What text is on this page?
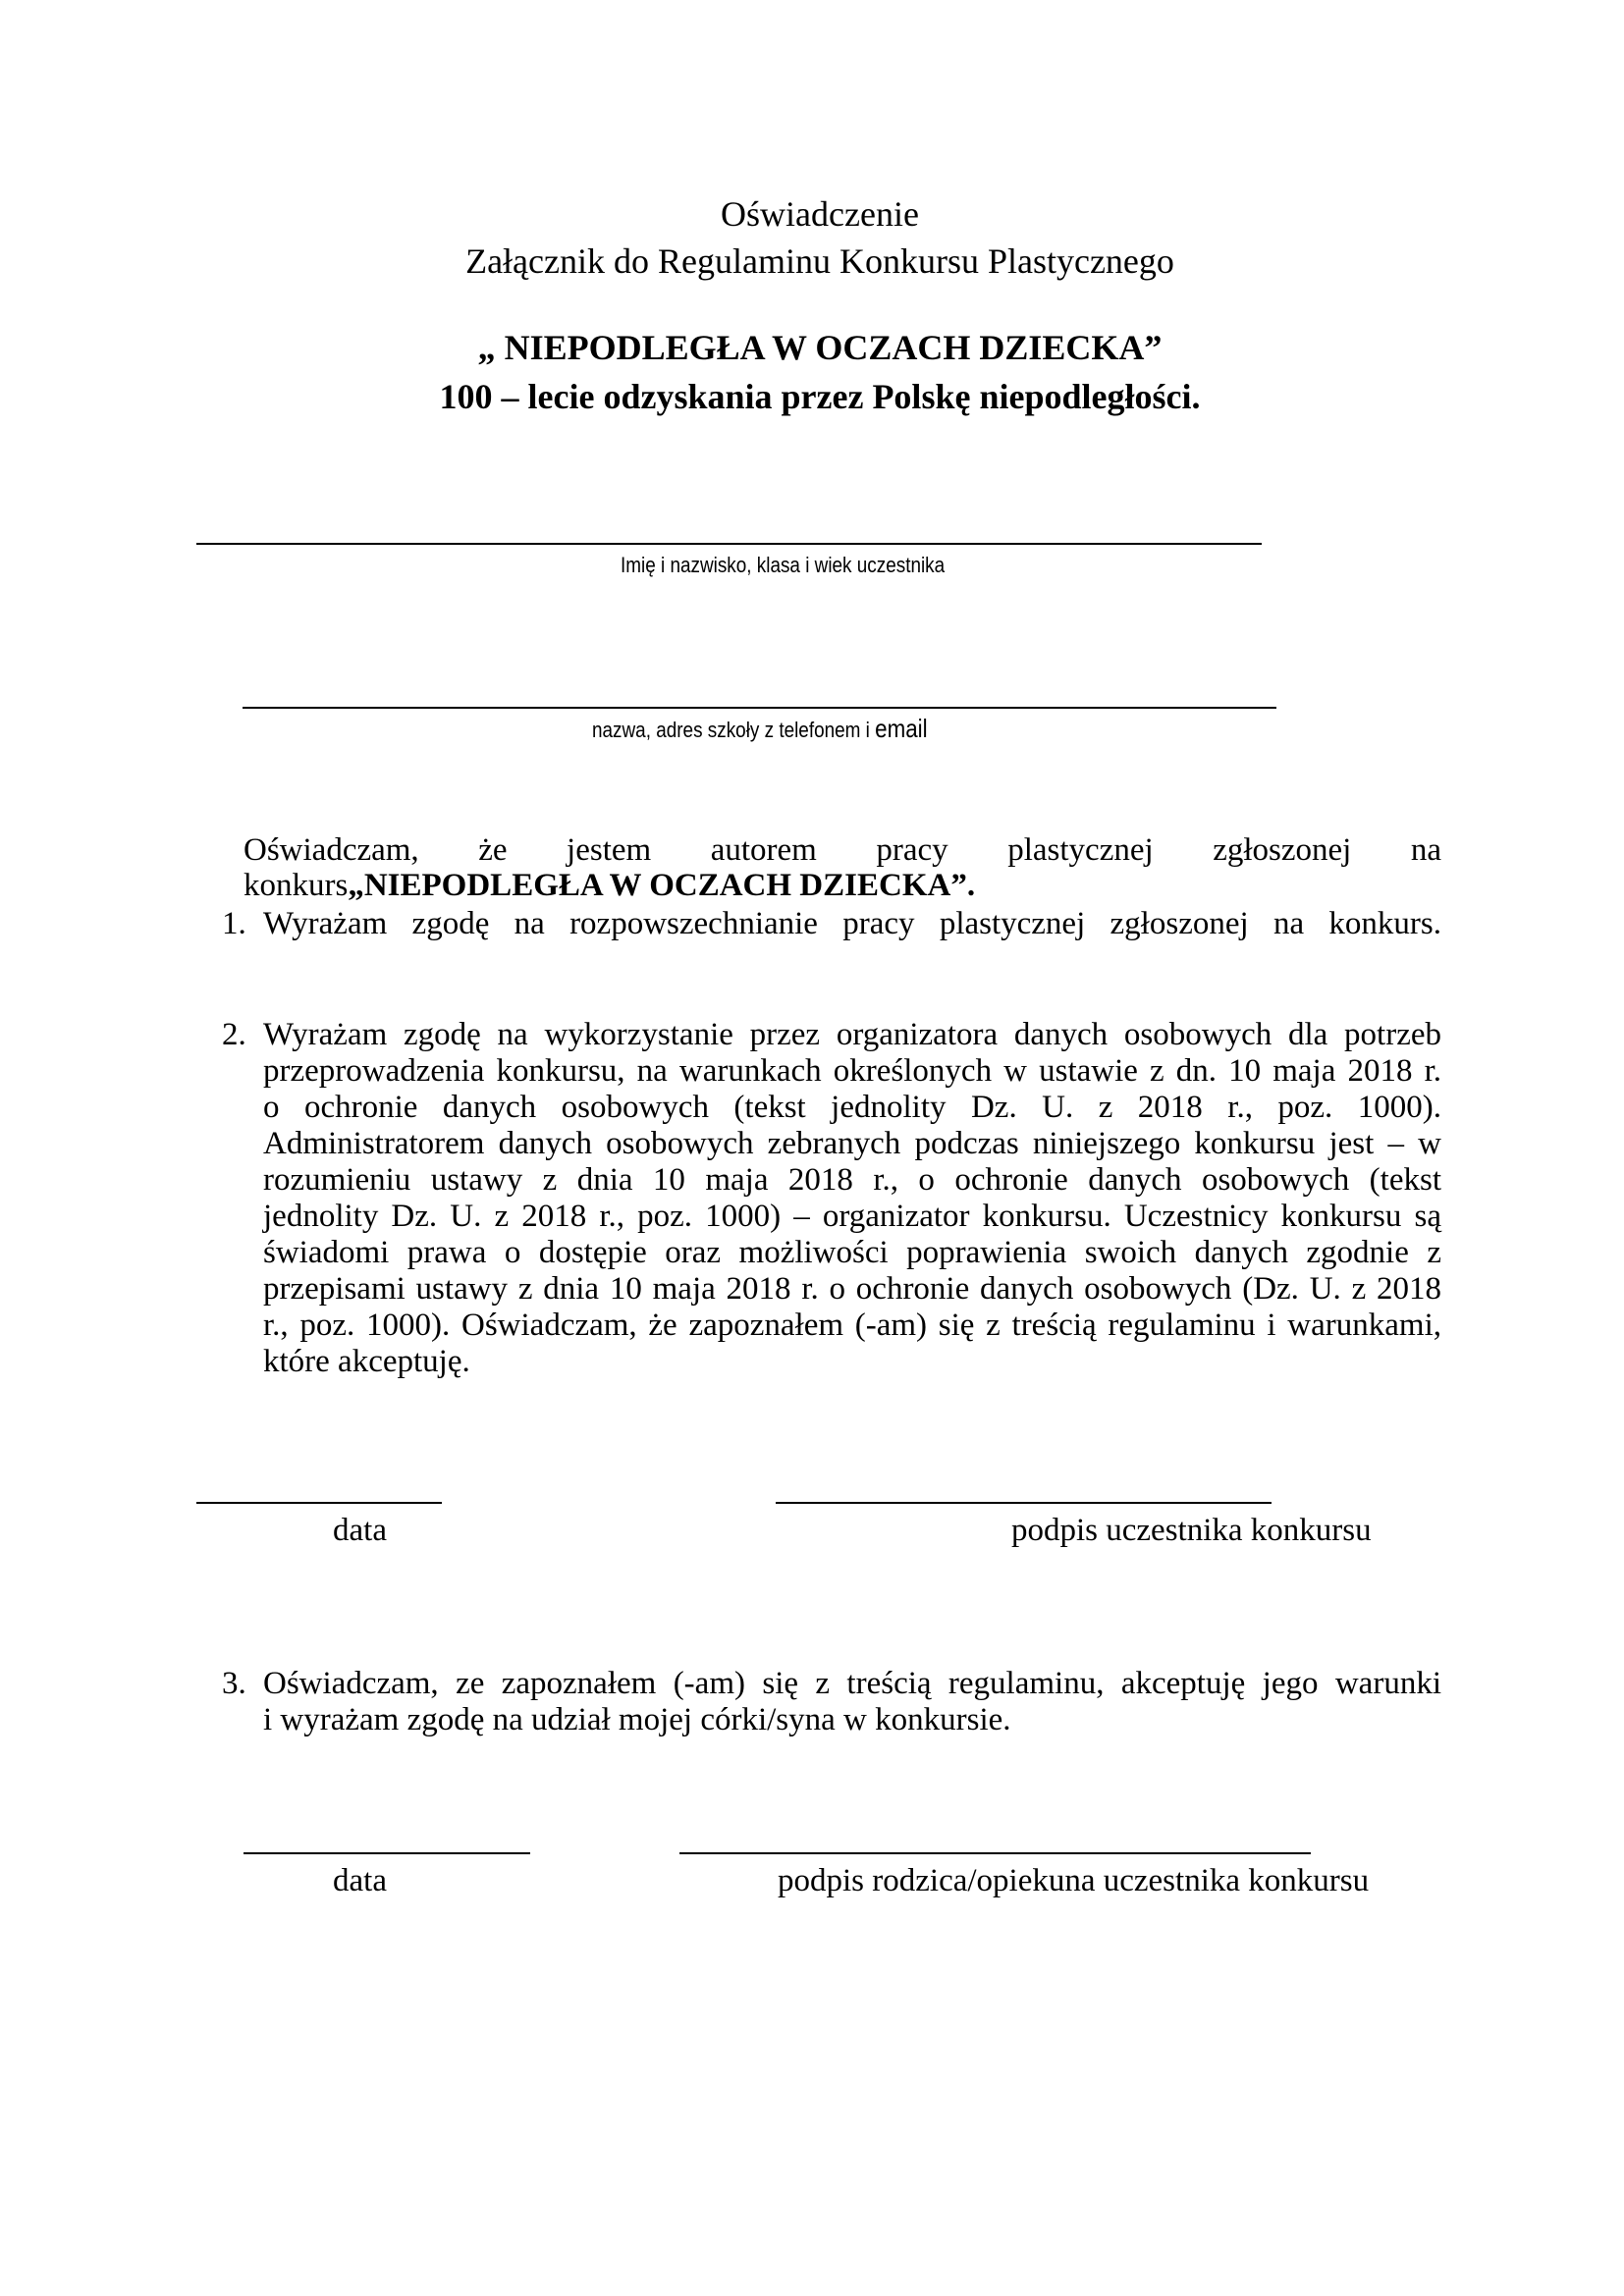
Oświadczenie
Załącznik do Regulaminu Konkursu Plastycznego
„ NIEPODLEGŁA W OCZACH DZIECKA”
100 – lecie odzyskania przez Polskę niepodległości.
Imię i nazwisko, klasa i wiek uczestnika
nazwa, adres szkoły z telefonem i email
Oświadczam, że jestem autorem pracy plastycznej zgłoszonej na
konkurs„NIEPODLEGŁA W OCZACH DZIECKA”.
1. Wyrażam zgodę na rozpowszechnianie pracy plastycznej zgłoszonej na konkurs.
2. Wyrażam zgodę na wykorzystanie przez organizatora danych osobowych dla potrzeb
przeprowadzenia konkursu, na warunkach określonych w ustawie z dn. 10 maja 2018 r.
o ochronie danych osobowych (tekst jednolity Dz. U. z 2018 r., poz. 1000).
Administratorem danych osobowych zebranych podczas niniejszego konkursu jest – w
rozumieniu ustawy z dnia 10 maja 2018 r., o ochronie danych osobowych (tekst
jednolity Dz. U. z 2018 r., poz. 1000) – organizator konkursu. Uczestnicy konkursu są
świadomi prawa o dostępie oraz możliwości poprawienia swoich danych zgodnie z
przepisami ustawy z dnia 10 maja 2018 r. o ochronie danych osobowych (Dz. U. z 2018
r., poz. 1000). Oświadczam, że zapoznałem (-am) się z treścią regulaminu i warunkami,
które akceptuję.
data	podpis uczestnika konkursu
3. Oświadczam, ze zapoznałem (-am) się z treścią regulaminu, akceptuję jego warunki
i wyrażam zgodę na udział mojej córki/syna w konkursie.
data	podpis rodzica/opiekuna uczestnika konkursu
